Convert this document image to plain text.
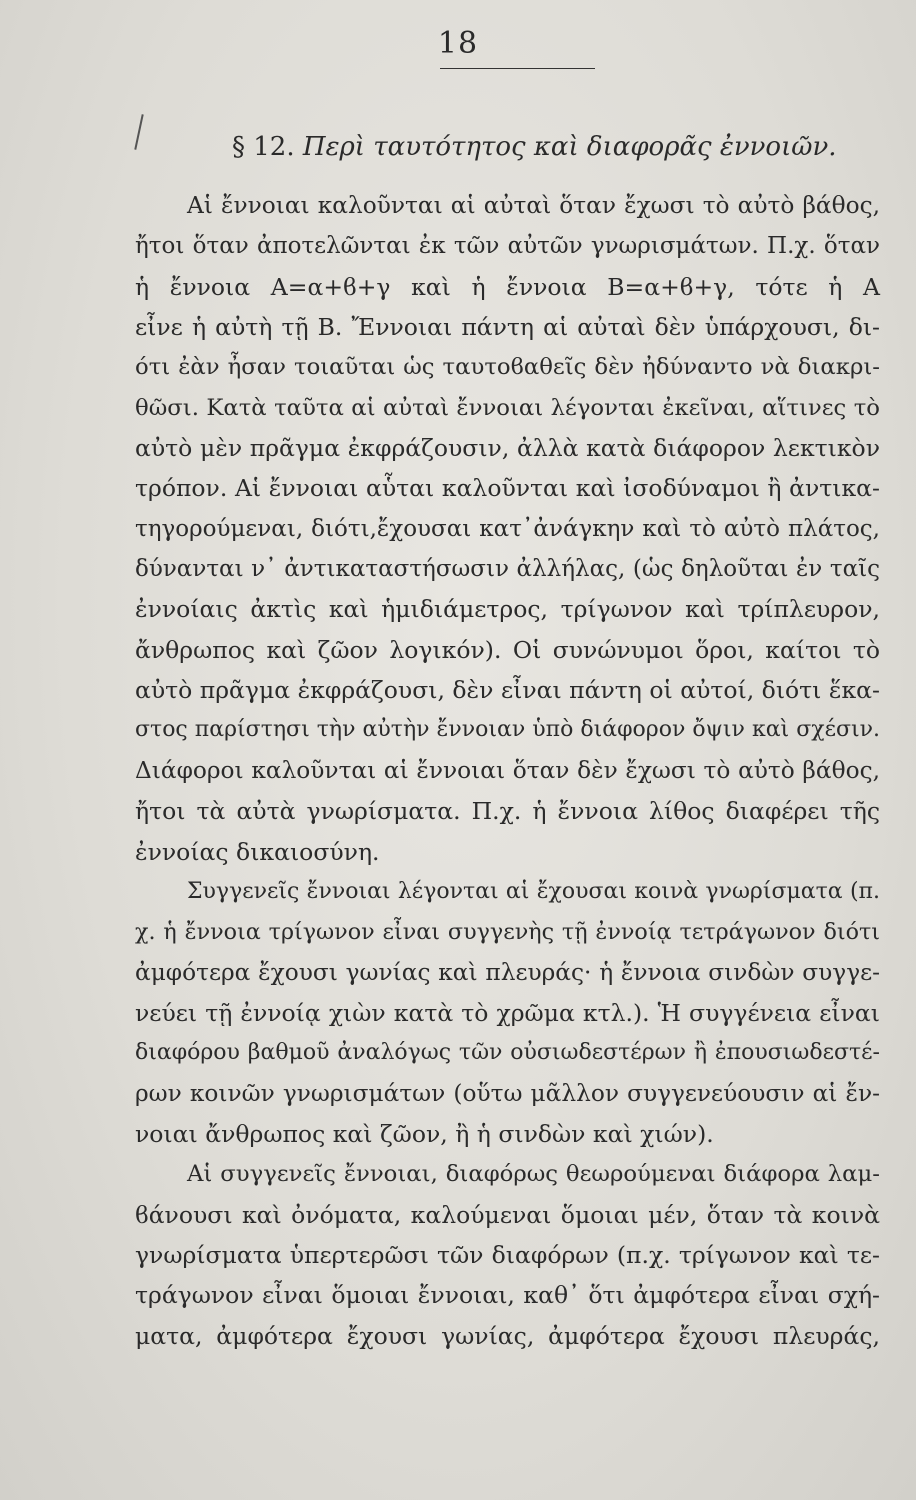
18
§ 12. Περὶ ταυτότητος καὶ διαφορᾶς ἐννοιῶν.
Αἱ ἔννοιαι καλοῦνται αἱ αὐταὶ ὅταν ἔχωσι τὸ αὐτὸ βάθος,
ἤτοι ὅταν ἀποτελῶνται ἐκ τῶν αὐτῶν γνωρισμάτων. Π.χ. ὅταν
ἡ ἔννοια Α=α+ϐ+γ καὶ ἡ ἔννοια Β=α+ϐ+γ, τότε ἡ Α
εἶνε ἡ αὐτὴ τῇ Β. Ἔννοιαι πάντη αἱ αὐταὶ δὲν ὑπάρχουσι, δι-
ότι ἐὰν ἦσαν τοιαῦται ὡς ταυτοϐαθεῖς δὲν ἠδύναντο νὰ διακρι-
θῶσι. Κατὰ ταῦτα αἱ αὐταὶ ἔννοιαι λέγονται ἐκεῖναι, αἵτινες τὸ
αὐτὸ μὲν πρᾶγμα ἐκφράζουσιν, ἀλλὰ κατὰ διάφορον λεκτικὸν
τρόπον. Αἱ ἔννοιαι αὗται καλοῦνται καὶ ἰσοδύναμοι ἢ ἀντικα-
τηγορούμεναι, διότι,ἔχουσαι κατ᾽ἀνάγκην καὶ τὸ αὐτὸ πλάτος,
δύνανται ν᾽ ἀντικαταστήσωσιν ἀλλήλας, (ὡς δηλοῦται ἐν ταῖς
ἐννοίαις ἀκτὶς καὶ ἡμιδιάμετρος, τρίγωνον καὶ τρίπλευρον,
ἄνθρωπος καὶ ζῶον λογικόν). Οἱ συνώνυμοι ὅροι, καίτοι τὸ
αὐτὸ πρᾶγμα ἐκφράζουσι, δὲν εἶναι πάντη οἱ αὐτοί, διότι ἕκα-
στος παρίστησι τὴν αὐτὴν ἔννοιαν ὑπὸ διάφορον ὄψιν καὶ σχέσιν.
Διάφοροι καλοῦνται αἱ ἔννοιαι ὅταν δὲν ἔχωσι τὸ αὐτὸ βάθος,
ἤτοι τὰ αὐτὰ γνωρίσματα. Π.χ. ἡ ἔννοια λίθος διαφέρει τῆς
ἐννοίας δικαιοσύνη.
Συγγενεῖς ἔννοιαι λέγονται αἱ ἔχουσαι κοινὰ γνωρίσματα (π.
χ. ἡ ἔννοια τρίγωνον εἶναι συγγενὴς τῇ ἐννοίᾳ τετράγωνον διότι
ἀμφότερα ἔχουσι γωνίας καὶ πλευράς· ἡ ἔννοια σινδὼν συγγε-
νεύει τῇ ἐννοίᾳ χιὼν κατὰ τὸ χρῶμα κτλ.). Ἡ συγγένεια εἶναι
διαφόρου βαθμοῦ ἀναλόγως τῶν οὐσιωδεστέρων ἢ ἐπουσιωδεστέ-
ρων κοινῶν γνωρισμάτων (οὕτω μᾶλλον συγγενεύουσιν αἱ ἔν-
νοιαι ἄνθρωπος καὶ ζῶον, ἢ ἡ σινδὼν καὶ χιών).
Αἱ συγγενεῖς ἔννοιαι, διαφόρως θεωρούμεναι διάφορα λαμ-
ϐάνουσι καὶ ὀνόματα, καλούμεναι ὅμοιαι μέν, ὅταν τὰ κοινὰ
γνωρίσματα ὑπερτερῶσι τῶν διαφόρων (π.χ. τρίγωνον καὶ τε-
τράγωνον εἶναι ὅμοιαι ἔννοιαι, καθ᾽ ὅτι ἀμφότερα εἶναι σχή-
ματα, ἀμφότερα ἔχουσι γωνίας, ἀμφότερα ἔχουσι πλευράς,
